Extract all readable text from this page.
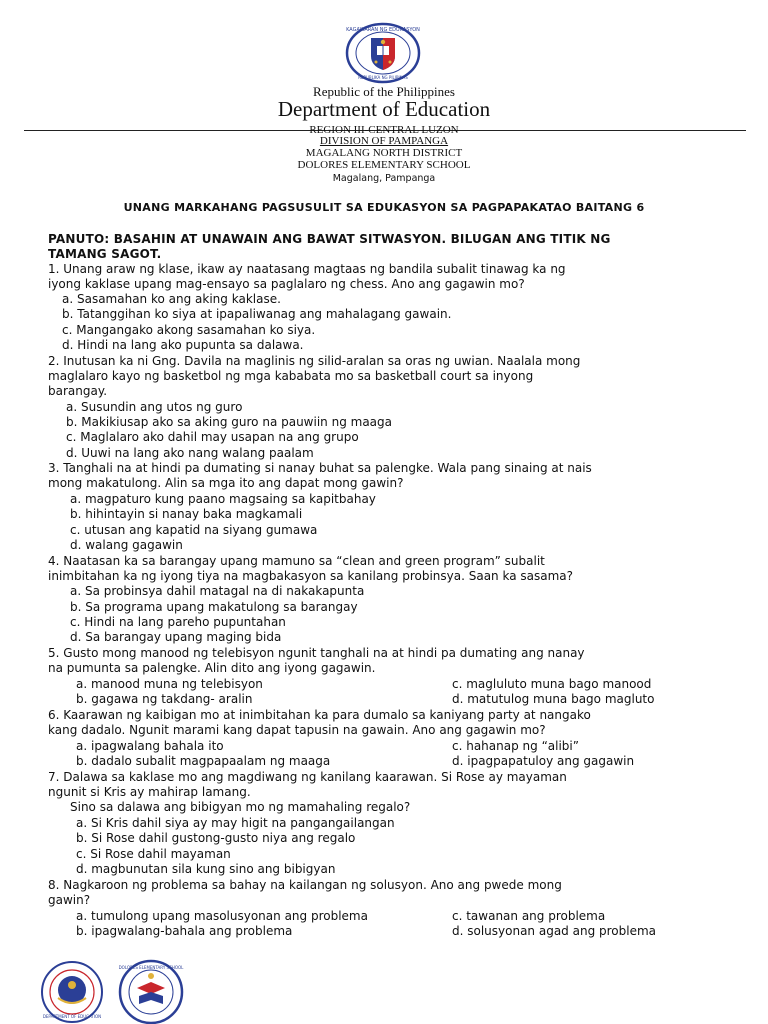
KAGAWARAN NG EDUKASYON
REPUBLIKA NG PILIPINAS
Republic of the Philippines
Department of Education
REGION III-CENTRAL LUZON
DIVISION OF PAMPANGA
MAGALANG NORTH DISTRICT
DOLORES ELEMENTARY SCHOOL
Magalang, Pampanga
UNANG MARKAHANG PAGSUSULIT SA EDUKASYON SA PAGPAPAKATAO BAITANG 6
PANUTO: BASAHIN AT UNAWAIN ANG BAWAT SITWASYON. BILUGAN ANG TITIK NG
TAMANG SAGOT.
1. Unang araw ng klase, ikaw ay naatasang magtaas ng bandila subalit tinawag ka ng
iyong kaklase upang mag-ensayo sa paglalaro ng chess. Ano ang gagawin mo?
a. Sasamahan ko ang aking kaklase.
b. Tatanggihan ko siya at ipapaliwanag ang mahalagang gawain.
c. Mangangako akong sasamahan ko siya.
d. Hindi na lang ako pupunta sa dalawa.
2. Inutusan ka ni Gng. Davila na maglinis ng silid-aralan sa oras ng uwian. Naalala mong
maglalaro kayo ng basketbol ng mga kababata mo sa basketball court sa inyong
barangay.
a. Susundin ang utos ng guro
b. Makikiusap ako sa aking guro na pauwiin ng maaga
c. Maglalaro ako dahil may usapan na ang grupo
d. Uuwi na lang ako nang walang paalam
3. Tanghali na at hindi pa dumating si nanay buhat sa palengke. Wala pang sinaing at nais
mong makatulong. Alin sa mga ito ang dapat mong gawin?
a. magpaturo kung paano magsaing sa kapitbahay
b. hihintayin si nanay baka magkamali
c. utusan ang kapatid na siyang gumawa
d. walang gagawin
4. Naatasan ka sa barangay upang mamuno sa “clean and green program” subalit
inimbitahan ka ng iyong tiya na magbakasyon sa kanilang probinsya. Saan ka sasama?
a. Sa probinsya dahil matagal na di nakakapunta
b. Sa programa upang makatulong sa barangay
c. Hindi na lang pareho pupuntahan
d. Sa barangay upang maging bida
5. Gusto mong manood ng telebisyon ngunit tanghali na at hindi pa dumating ang nanay
na pumunta sa palengke. Alin dito ang iyong gagawin.
a. manood muna ng telebisyon	c. magluluto muna bago manood
b. gagawa ng takdang- aralin	d. matutulog muna bago magluto
6. Kaarawan ng kaibigan mo at inimbitahan ka para dumalo sa kaniyang party at nangako
kang dadalo. Ngunit marami kang dapat tapusin na gawain. Ano ang gagawin mo?
a. ipagwalang bahala ito	c. hahanap ng “alibi”
b. dadalo subalit magpapaalam ng maaga	d. ipagpapatuloy ang gagawin
7. Dalawa sa kaklase mo ang magdiwang ng kanilang kaarawan. Si Rose ay mayaman
ngunit si Kris ay mahirap lamang.
Sino sa dalawa ang bibigyan mo ng mamahaling regalo?
a. Si Kris dahil siya ay may higit na pangangailangan
b. Si Rose dahil gustong-gusto niya ang regalo
c. Si Rose dahil mayaman
d. magbunutan sila kung sino ang bibigyan
8. Nagkaroon ng problema sa bahay na kailangan ng solusyon. Ano ang pwede mong
gawin?
a. tumulong upang masolusyonan ang problema	c. tawanan ang problema
b. ipagwalang-bahala ang problema	d. solusyonan agad ang problema
DEPARTMENT OF EDUCATION
DOLORES ELEMENTARY SCHOOL
